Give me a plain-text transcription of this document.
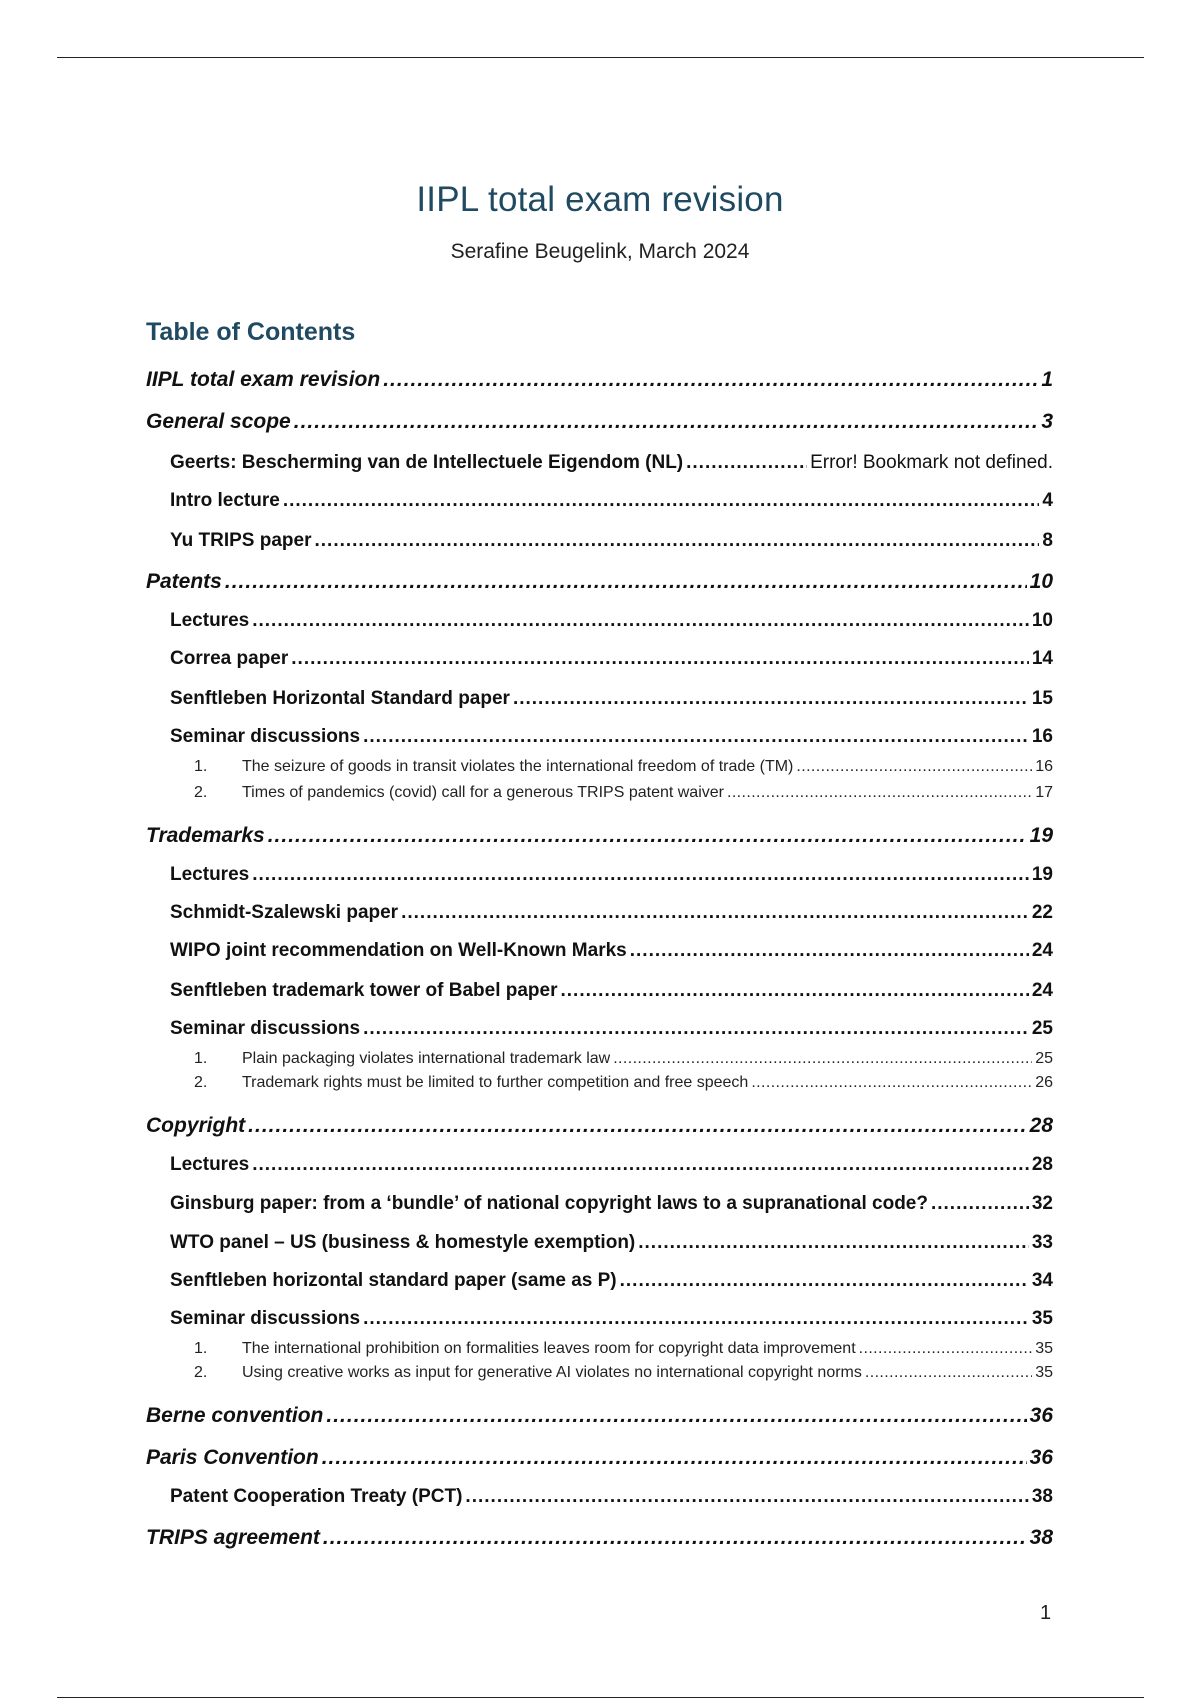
IIPL total exam revision
Serafine Beugelink, March 2024
Table of Contents
IIPL total exam revision .....	1
General scope .....	3
Geerts: Bescherming van de Intellectuele Eigendom (NL) .....	Error! Bookmark not defined.
Intro lecture .....	4
Yu TRIPS paper .....	8
Patents .....	10
Lectures .....	10
Correa paper .....	14
Senftleben Horizontal Standard paper .....	15
Seminar discussions .....	16
1.	The seizure of goods in transit violates the international freedom of trade (TM) .....	16
2.	Times of pandemics (covid) call for a generous TRIPS patent waiver .....	17
Trademarks .....	19
Lectures .....	19
Schmidt-Szalewski paper .....	22
WIPO joint recommendation on Well-Known Marks .....	24
Senftleben trademark tower of Babel paper .....	24
Seminar discussions .....	25
1.	Plain packaging violates international trademark law .....	25
2.	Trademark rights must be limited to further competition and free speech .....	26
Copyright .....	28
Lectures .....	28
Ginsburg paper: from a ‘bundle’ of national copyright laws to a supranational code? .....	32
WTO panel – US (business & homestyle exemption) .....	33
Senftleben horizontal standard paper (same as P) .....	34
Seminar discussions .....	35
1.	The international prohibition on formalities leaves room for copyright data improvement .....	35
2.	Using creative works as input for generative AI violates no international copyright norms .....	35
Berne convention .....	36
Paris Convention .....	36
Patent Cooperation Treaty (PCT) .....	38
TRIPS agreement .....	38
1
